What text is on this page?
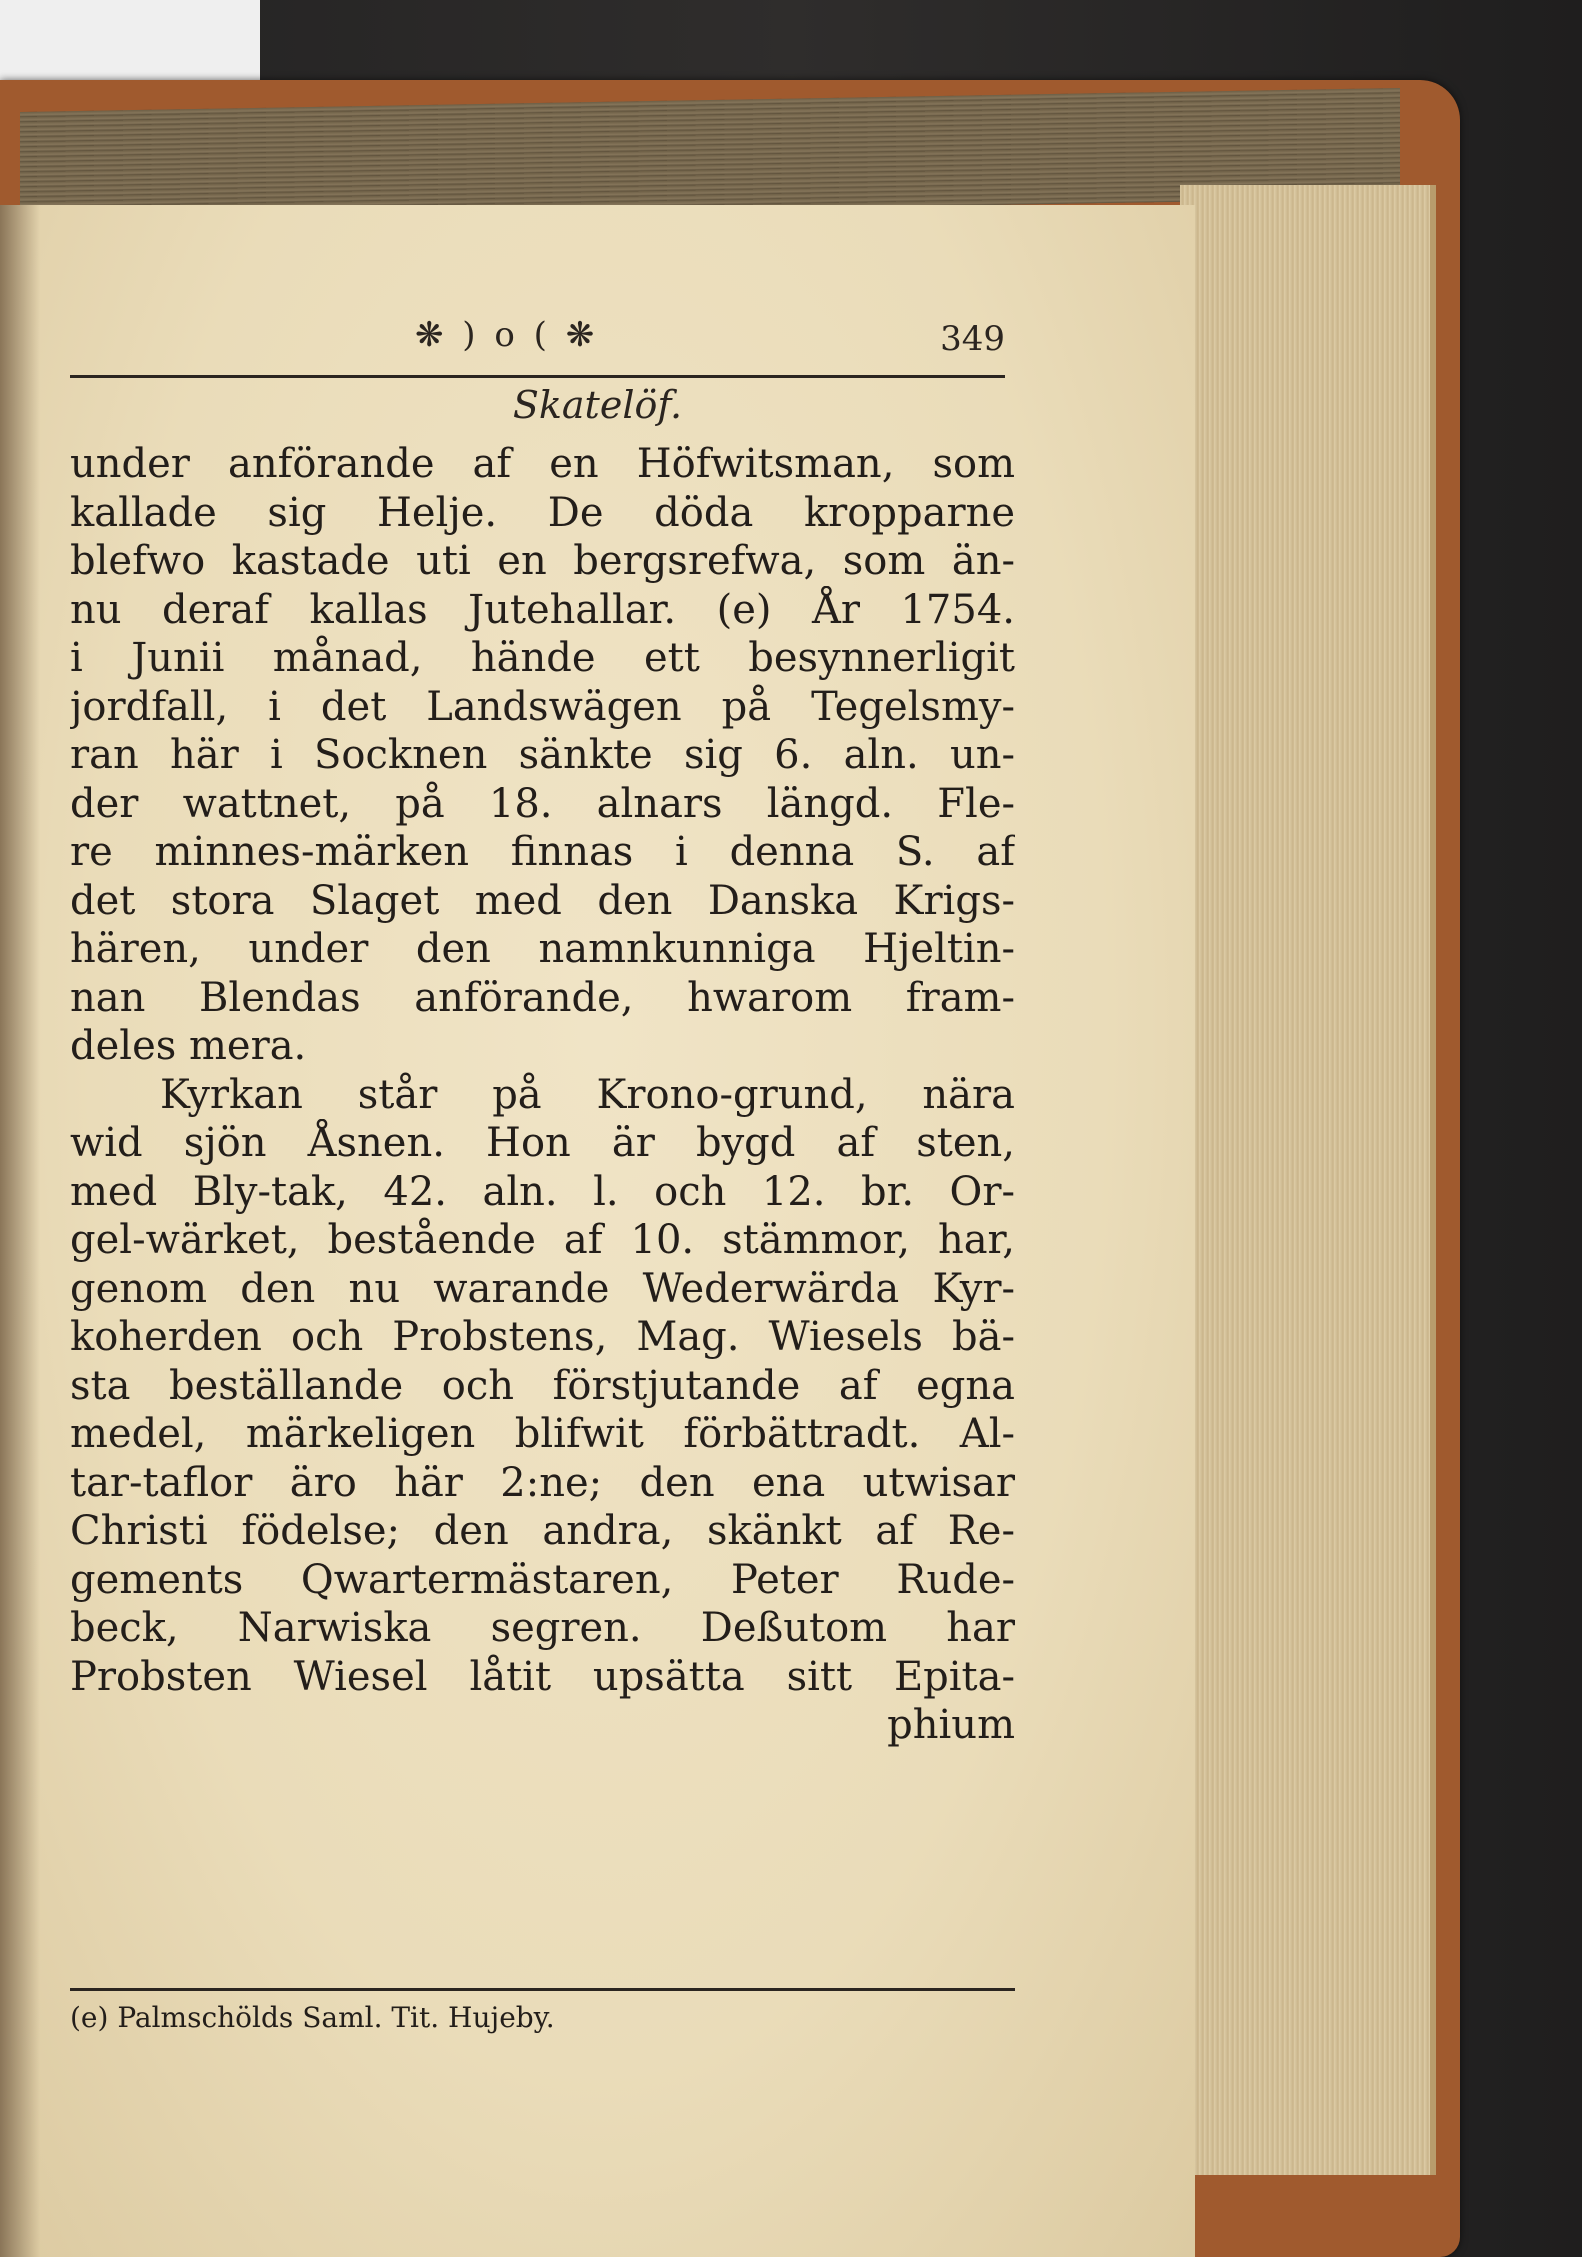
❋ ) o ( ❋	349
Skatelöf.
under anförande af en Höfwitsman, som
kallade sig Helje. De döda kropparne
blefwo kastade uti en bergsrefwa, som än-
nu deraf kallas Jutehallar. (e) År 1754.
i Junii månad, hände ett besynnerligit
jordfall, i det Landswägen på Tegelsmy-
ran här i Socknen sänkte sig 6. aln. un-
der wattnet, på 18. alnars längd. Fle-
re minnes-märken finnas i denna S. af
det stora Slaget med den Danska Krigs-
hären, under den namnkunniga Hjeltin-
nan Blendas anförande, hwarom fram-
deles mera.
Kyrkan står på Krono-grund, nära
wid sjön Åsnen. Hon är bygd af sten,
med Bly-tak, 42. aln. l. och 12. br. Or-
gel-wärket, bestående af 10. stämmor, har,
genom den nu warande Wederwärda Kyr-
koherden och Probstens, Mag. Wiesels bä-
sta beställande och förstjutande af egna
medel, märkeligen blifwit förbättradt. Al-
tar-taflor äro här 2:ne; den ena utwisar
Christi födelse; den andra, skänkt af Re-
gements Qwartermästaren, Peter Rude-
beck, Narwiska segren. Deßutom har
Probsten Wiesel låtit upsätta sitt Epita-
phium
(e) Palmschölds Saml. Tit. Hujeby.
